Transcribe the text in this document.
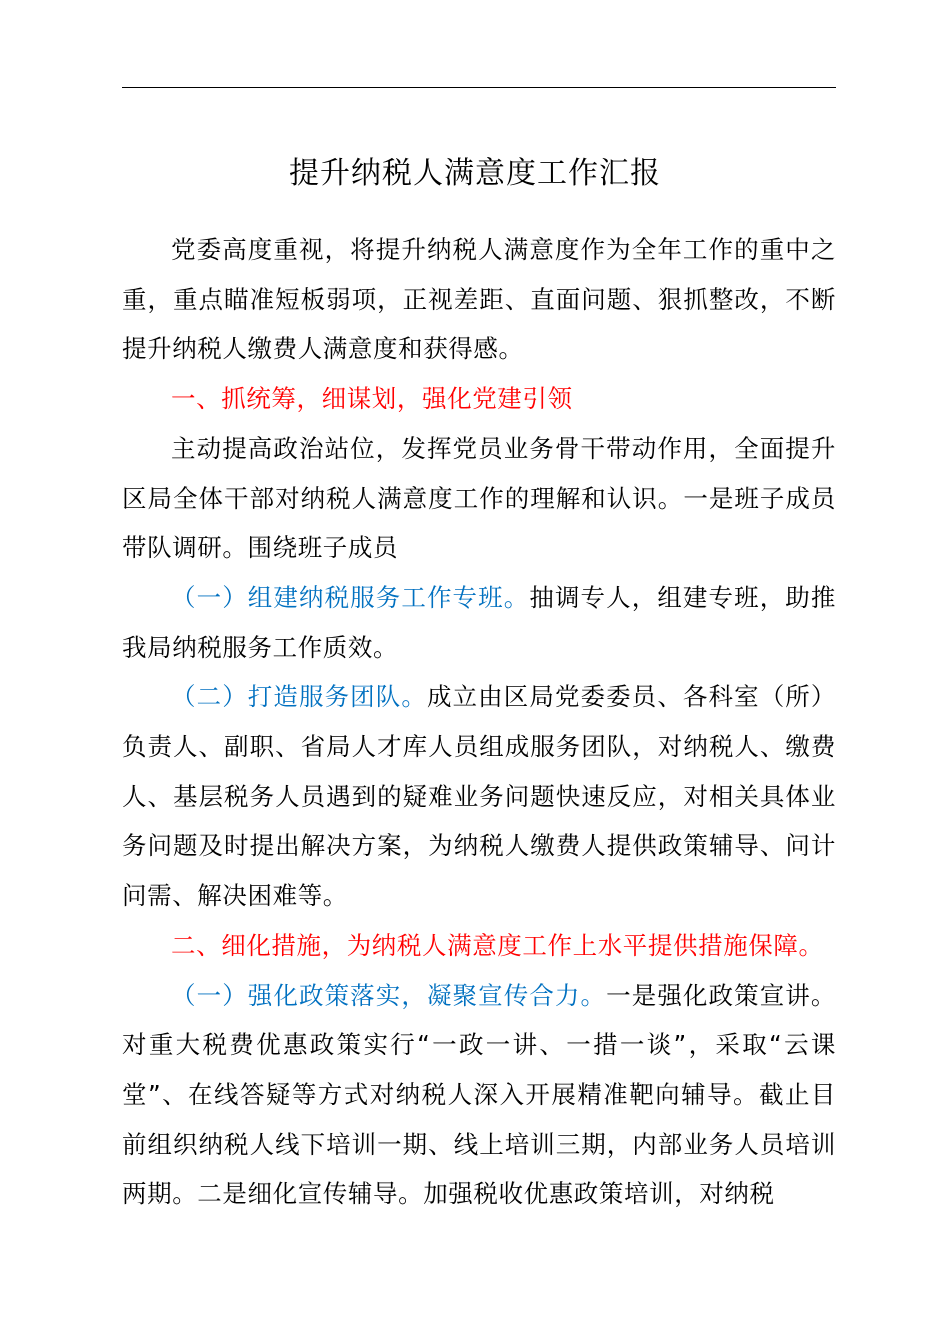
提升纳税人满意度工作汇报

党委高度重视，将提升纳税人满意度作为全年工作的重中之重，重点瞄准短板弱项，正视差距、直面问题、狠抓整改，不断提升纳税人缴费人满意度和获得感。

一、抓统筹，细谋划，强化党建引领

主动提高政治站位，发挥党员业务骨干带动作用，全面提升区局全体干部对纳税人满意度工作的理解和认识。一是班子成员带队调研。围绕班子成员

（一）组建纳税服务工作专班。抽调专人，组建专班，助推我局纳税服务工作质效。

（二）打造服务团队。成立由区局党委委员、各科室（所）负责人、副职、省局人才库人员组成服务团队，对纳税人、缴费人、基层税务人员遇到的疑难业务问题快速反应，对相关具体业务问题及时提出解决方案，为纳税人缴费人提供政策辅导、问计问需、解决困难等。

二、细化措施，为纳税人满意度工作上水平提供措施保障。

（一）强化政策落实，凝聚宣传合力。一是强化政策宣讲。对重大税费优惠政策实行“一政一讲、一措一谈”，采取“云课堂”、在线答疑等方式对纳税人深入开展精准靶向辅导。截止目前组织纳税人线下培训一期、线上培训三期，内部业务人员培训两期。二是细化宣传辅导。加强税收优惠政策培训，对纳税
